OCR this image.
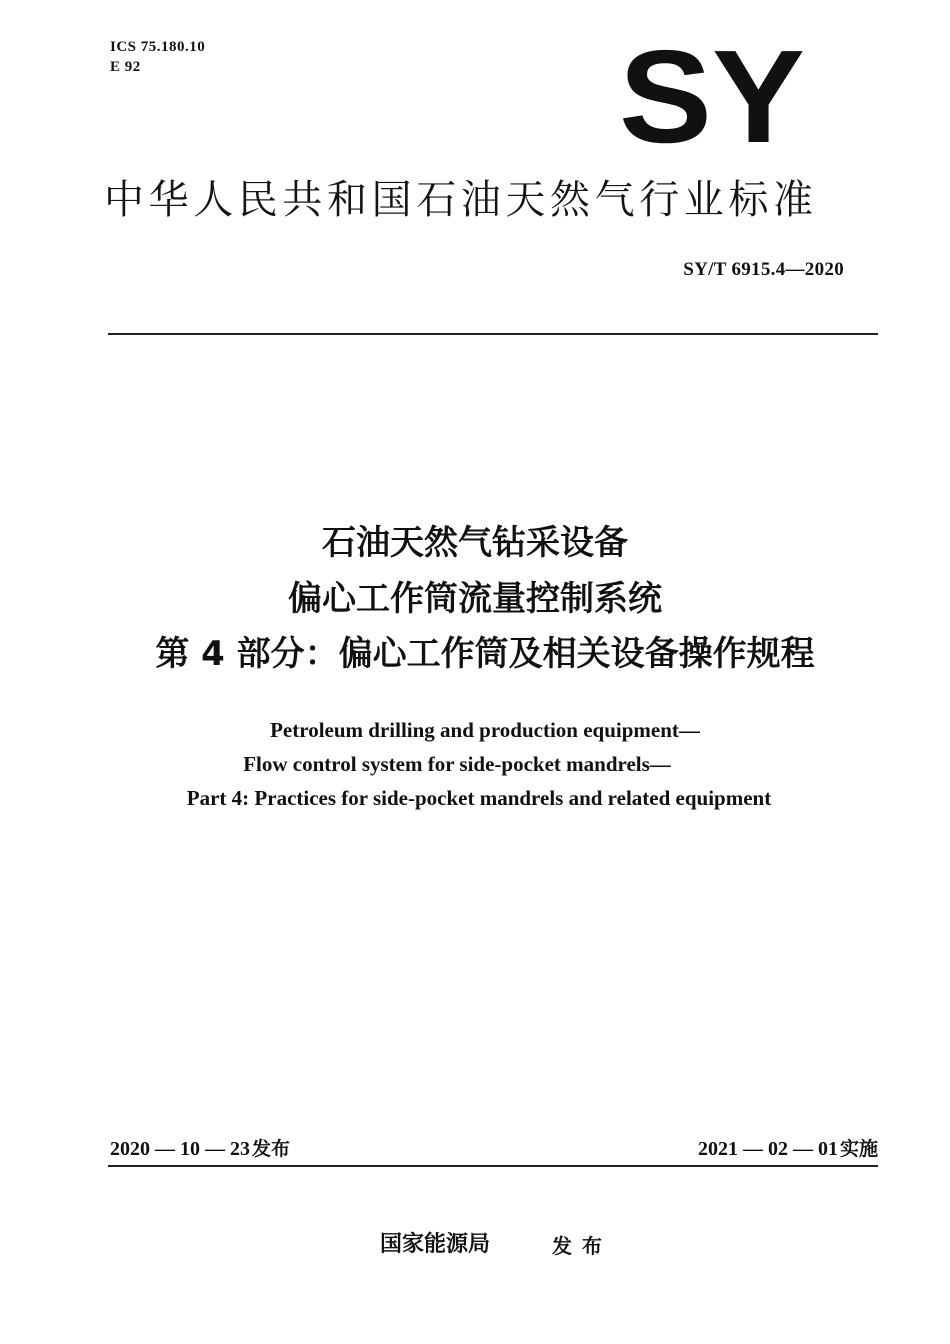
ICS 75.180.10
E 92	SY
中华人民共和国石油天然气行业标准
SY/T 6915.4—2020
石油天然气钻采设备
偏心工作筒流量控制系统
第 4 部分：偏心工作筒及相关设备操作规程
Petroleum drilling and production equipment—
Flow control system for side-pocket mandrels—
Part 4: Practices for side-pocket mandrels and related equipment
2020 — 10 — 23 发布	2021 — 02 — 01 实施
国家能源局	发布
